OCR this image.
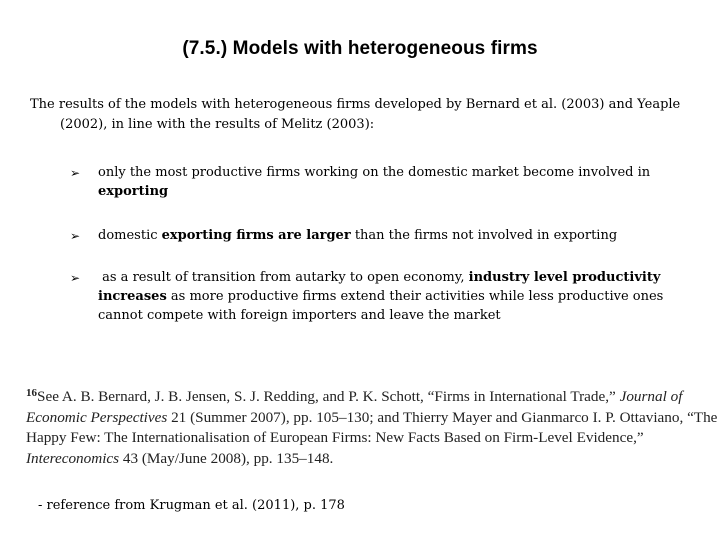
(7.5.) Models with heterogeneous firms
The results of the models with heterogeneous firms developed by Bernard et al. (2003) and Yeaple (2002), in line with the results of Melitz (2003):
➢ only the most productive firms working on the domestic market become involved in exporting
➢ domestic exporting firms are larger than the firms not involved in exporting
➢ as a result of transition from autarky to open economy, industry level productivity increases as more productive firms extend their activities while less productive ones cannot compete with foreign importers and leave the market
$^{16}$See A. B. Bernard, J. B. Jensen, S. J. Redding, and P. K. Schott, “Firms in International Trade,” Journal of Economic Perspectives 21 (Summer 2007), pp. 105–130; and Thierry Mayer and Gianmarco I. P. Ottaviano, “The Happy Few: The Internationalisation of European Firms: New Facts Based on Firm-Level Evidence,” Intereconomics 43 (May/June 2008), pp. 135–148.
- reference from Krugman et al. (2011), p. 178
